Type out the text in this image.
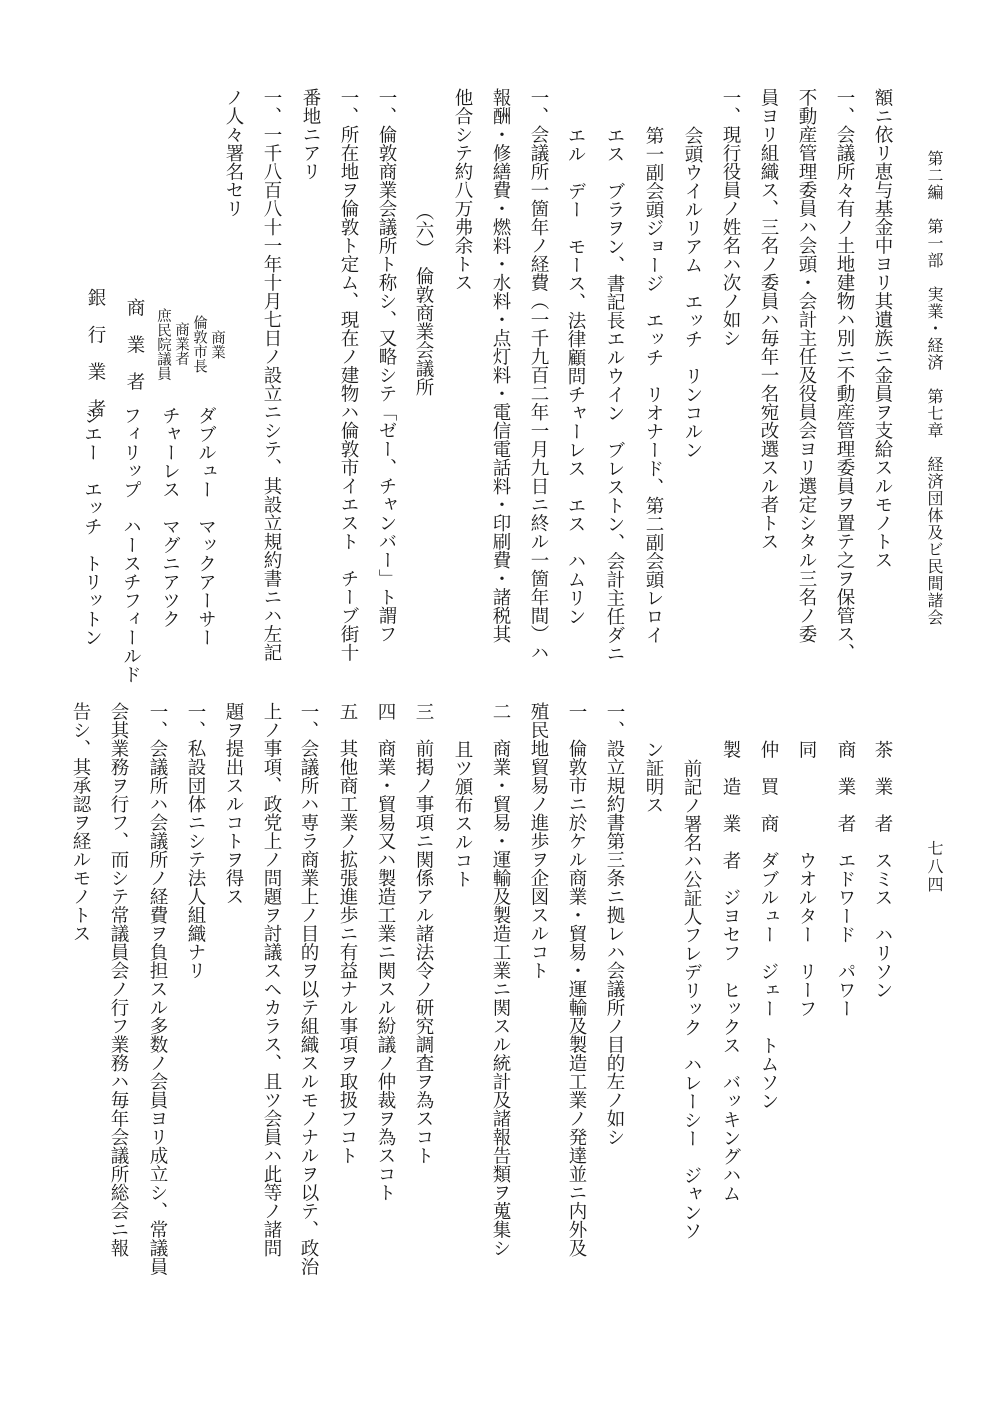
第二編　第一部　実業・経済　第七章　経済団体及ビ民間諸会
七八四
額ニ依リ恵与基金中ヨリ其遺族ニ金員ヲ支給スルモノトス
一、会議所々有ノ土地建物ハ別ニ不動産管理委員ヲ置テ之ヲ保管ス、
不動産管理委員ハ会頭・会計主任及役員会ヨリ選定シタル三名ノ委
員ヨリ組織ス、三名ノ委員ハ毎年一名宛改選スル者トス
一、現行役員ノ姓名ハ次ノ如シ
会頭ウイルリアム　エッチ　リンコルン
第一副会頭ジョージ　エッチ　リオナード、第二副会頭レロイ
エス　ブラヲン、書記長エルウイン　ブレストン、会計主任ダニ
エル　デー　モース、法律顧問チャーレス　エス　ハムリン
一、会議所一箇年ノ経費（一千九百二年一月九日ニ終ル一箇年間）ハ
報酬・修繕費・燃料・水料・点灯料・電信電話料・印刷費・諸税其
他合シテ約八万弗余トス
（六）　倫敦商業会議所
一、倫敦商業会議所ト称シ、又略シテ「ゼー、チャンバー」ト謂フ
一、所在地ヲ倫敦ト定ム、現在ノ建物ハ倫敦市イエスト　チーブ街十
番地ニアリ
一、一千八百八十一年十月七日ノ設立ニシテ、其設立規約書ニハ左記
ノ人々署名セリ
商業
倫敦市長
ダブルュー　マックアーサー
商業者
庶民院議員
チャーレス　マグニアツク
商　業　者
フィリップ　ハースチフィールド
銀　行　業　者
ジエー　エッチ　トリットン
茶　業　者　スミス　ハリソン
商　業　者　エドワード　パワー
同　　　　　ウオルター　リーフ
仲　買　商　ダブルュー　ジェー　トムソン
製　造　業　者　ジヨセフ　ヒックス　バッキングハム
前記ノ署名ハ公証人フレデリック　ハレーシー　ジャンソ
ン証明ス
一、設立規約書第三条ニ拠レハ会議所ノ目的左ノ如シ
一　倫敦市ニ於ケル商業・貿易・運輸及製造工業ノ発達並ニ内外及
殖民地貿易ノ進歩ヲ企図スルコト
二　商業・貿易・運輸及製造工業ニ関スル統計及諸報告類ヲ蒐集シ
且ツ頒布スルコト
三　前掲ノ事項ニ関係アル諸法令ノ研究調査ヲ為スコト
四　商業・貿易又ハ製造工業ニ関スル紛議ノ仲裁ヲ為スコト
五　其他商工業ノ拡張進歩ニ有益ナル事項ヲ取扱フコト
一、会議所ハ専ラ商業上ノ目的ヲ以テ組織スルモノナルヲ以テ、政治
上ノ事項、政党上ノ問題ヲ討議スヘカラス、且ツ会員ハ此等ノ諸問
題ヲ提出スルコトヲ得ス
一、私設団体ニシテ法人組織ナリ
一、会議所ハ会議所ノ経費ヲ負担スル多数ノ会員ヨリ成立シ、常議員
会其業務ヲ行フ、而シテ常議員会ノ行フ業務ハ毎年会議所総会ニ報
告シ、其承認ヲ経ルモノトス
